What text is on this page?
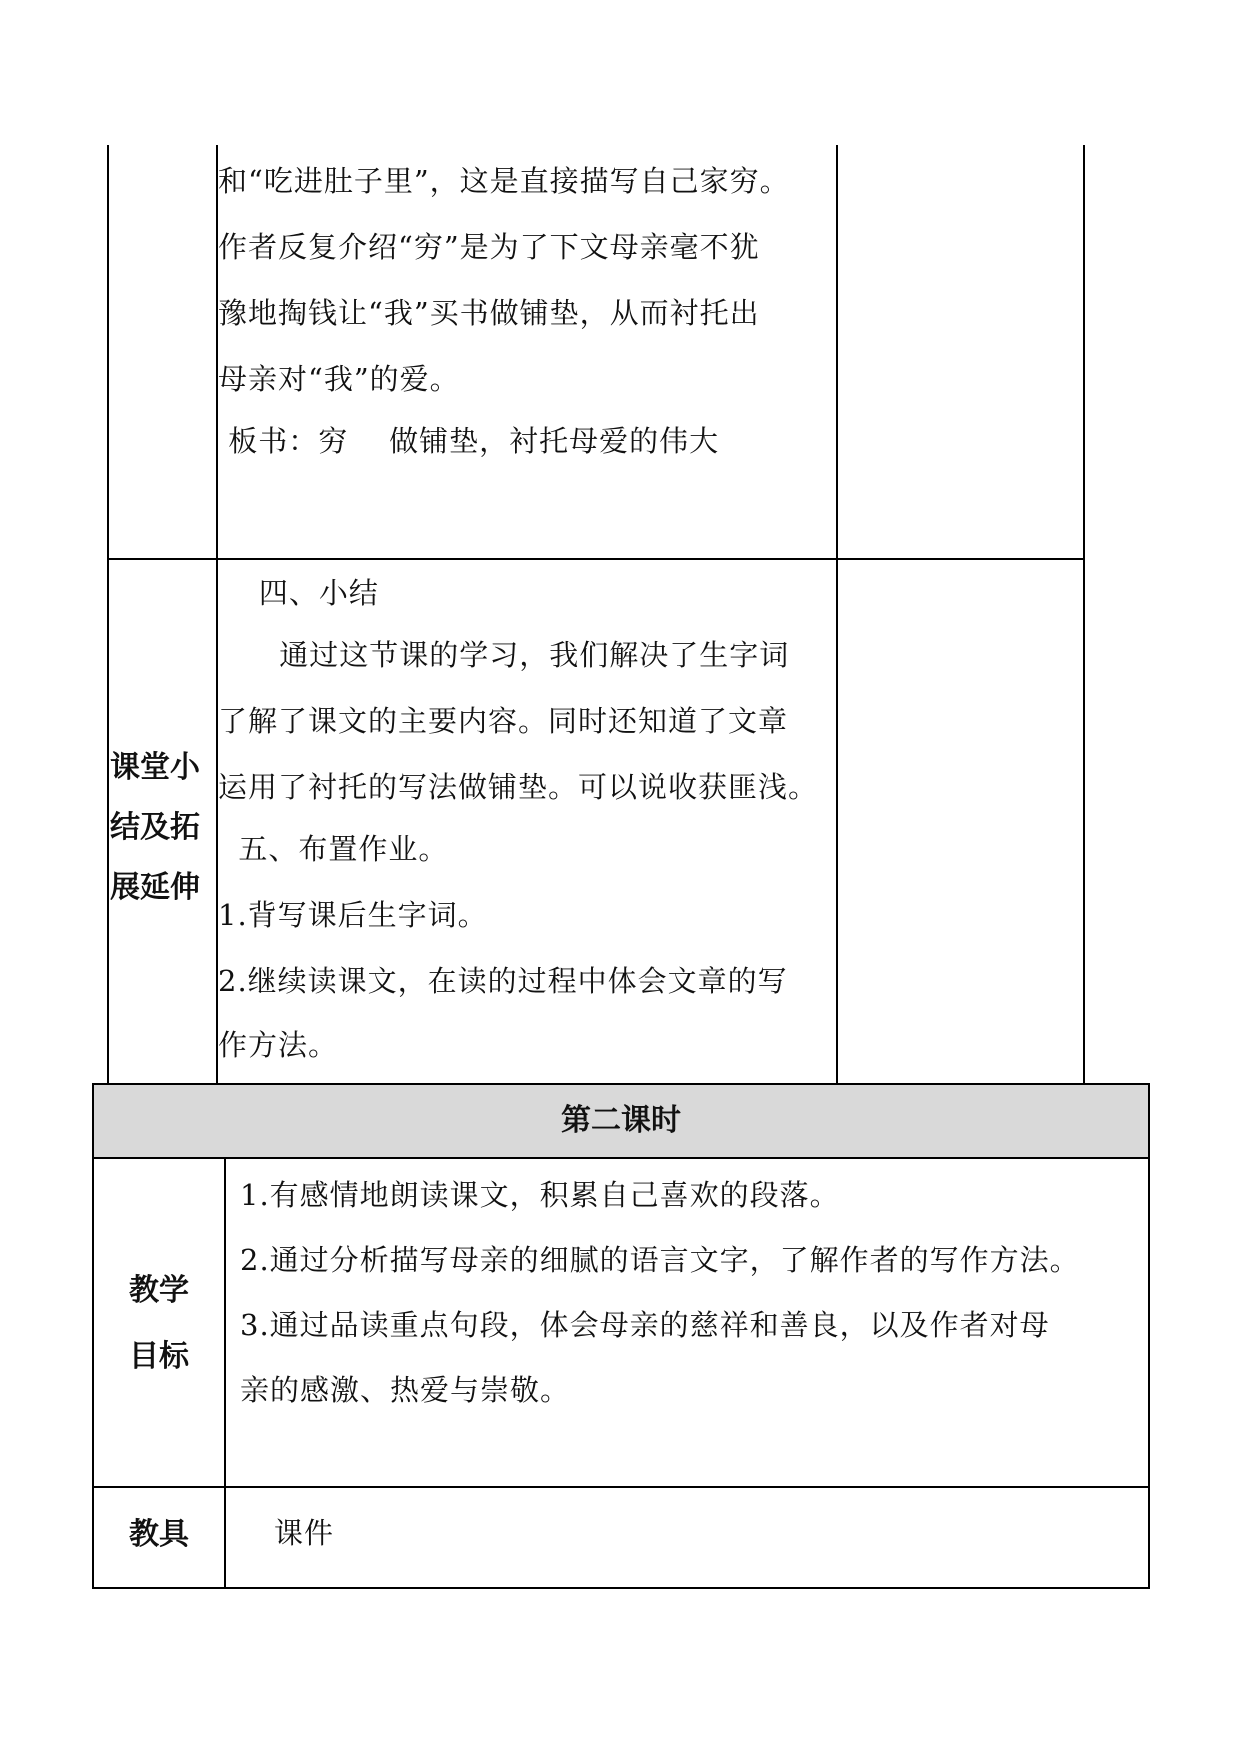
和“吃进肚子里”，这是直接描写自己家穷。
作者反复介绍“穷”是为了下文母亲毫不犹
豫地掏钱让“我”买书做铺垫，从而衬托出
母亲对“我”的爱。
板书：穷    做铺垫，衬托母爱的伟大
课堂小结及拓展延伸
四、小结
通过这节课的学习，我们解决了生字词
了解了课文的主要内容。同时还知道了文章
运用了衬托的写法做铺垫。可以说收获匪浅。
五、布置作业。
1.背写课后生字词。
2.继续读课文，在读的过程中体会文章的写
作方法。
第二课时
教学
目标
1.有感情地朗读课文，积累自己喜欢的段落。
2.通过分析描写母亲的细腻的语言文字，了解作者的写作方法。
3.通过品读重点句段，体会母亲的慈祥和善良，以及作者对母
亲的感激、热爱与崇敬。
教具	课件
